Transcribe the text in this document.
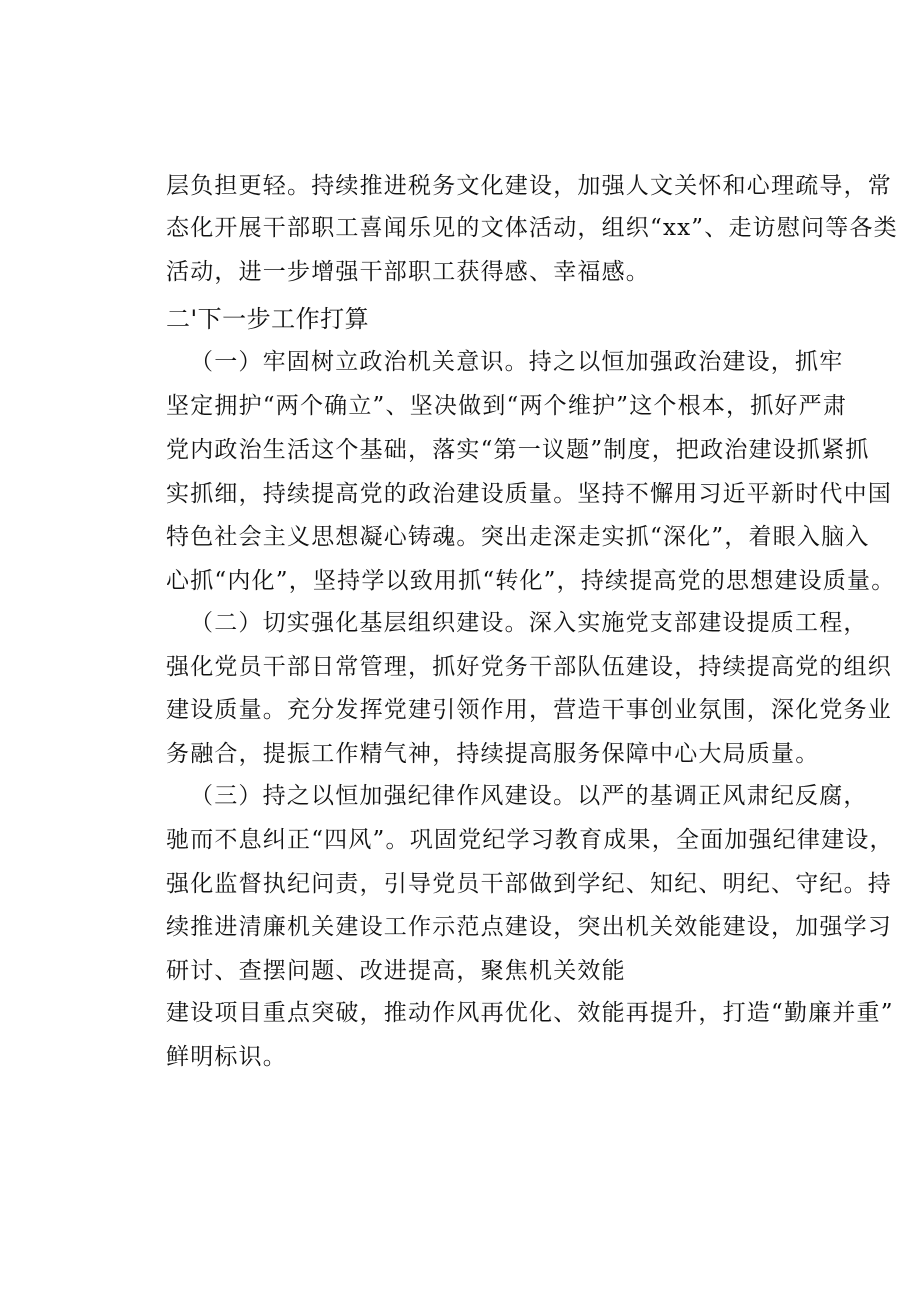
层负担更轻。持续推进税务文化建设，加强人文关怀和心理疏导，常
态化开展干部职工喜闻乐见的文体活动，组织“xx”、走访慰问等各类
活动，进一步增强干部职工获得感、幸福感。
二'下一步工作打算
（一）牢固树立政治机关意识。持之以恒加强政治建设，抓牢
坚定拥护“两个确立”、坚决做到“两个维护”这个根本，抓好严肃
党内政治生活这个基础，落实“第一议题”制度，把政治建设抓紧抓
实抓细，持续提高党的政治建设质量。坚持不懈用习近平新时代中国
特色社会主义思想凝心铸魂。突出走深走实抓“深化”，着眼入脑入
心抓“内化”，坚持学以致用抓“转化”，持续提高党的思想建设质量。
（二）切实强化基层组织建设。深入实施党支部建设提质工程，
强化党员干部日常管理，抓好党务干部队伍建设，持续提高党的组织
建设质量。充分发挥党建引领作用，营造干事创业氛围，深化党务业
务融合，提振工作精气神，持续提高服务保障中心大局质量。
（三）持之以恒加强纪律作风建设。以严的基调正风肃纪反腐，
驰而不息纠正“四风”。巩固党纪学习教育成果，全面加强纪律建设，
强化监督执纪问责，引导党员干部做到学纪、知纪、明纪、守纪。持
续推进清廉机关建设工作示范点建设，突出机关效能建设，加强学习
研讨、查摆问题、改进提高，聚焦机关效能
建设项目重点突破，推动作风再优化、效能再提升，打造“勤廉并重”
鲜明标识。
